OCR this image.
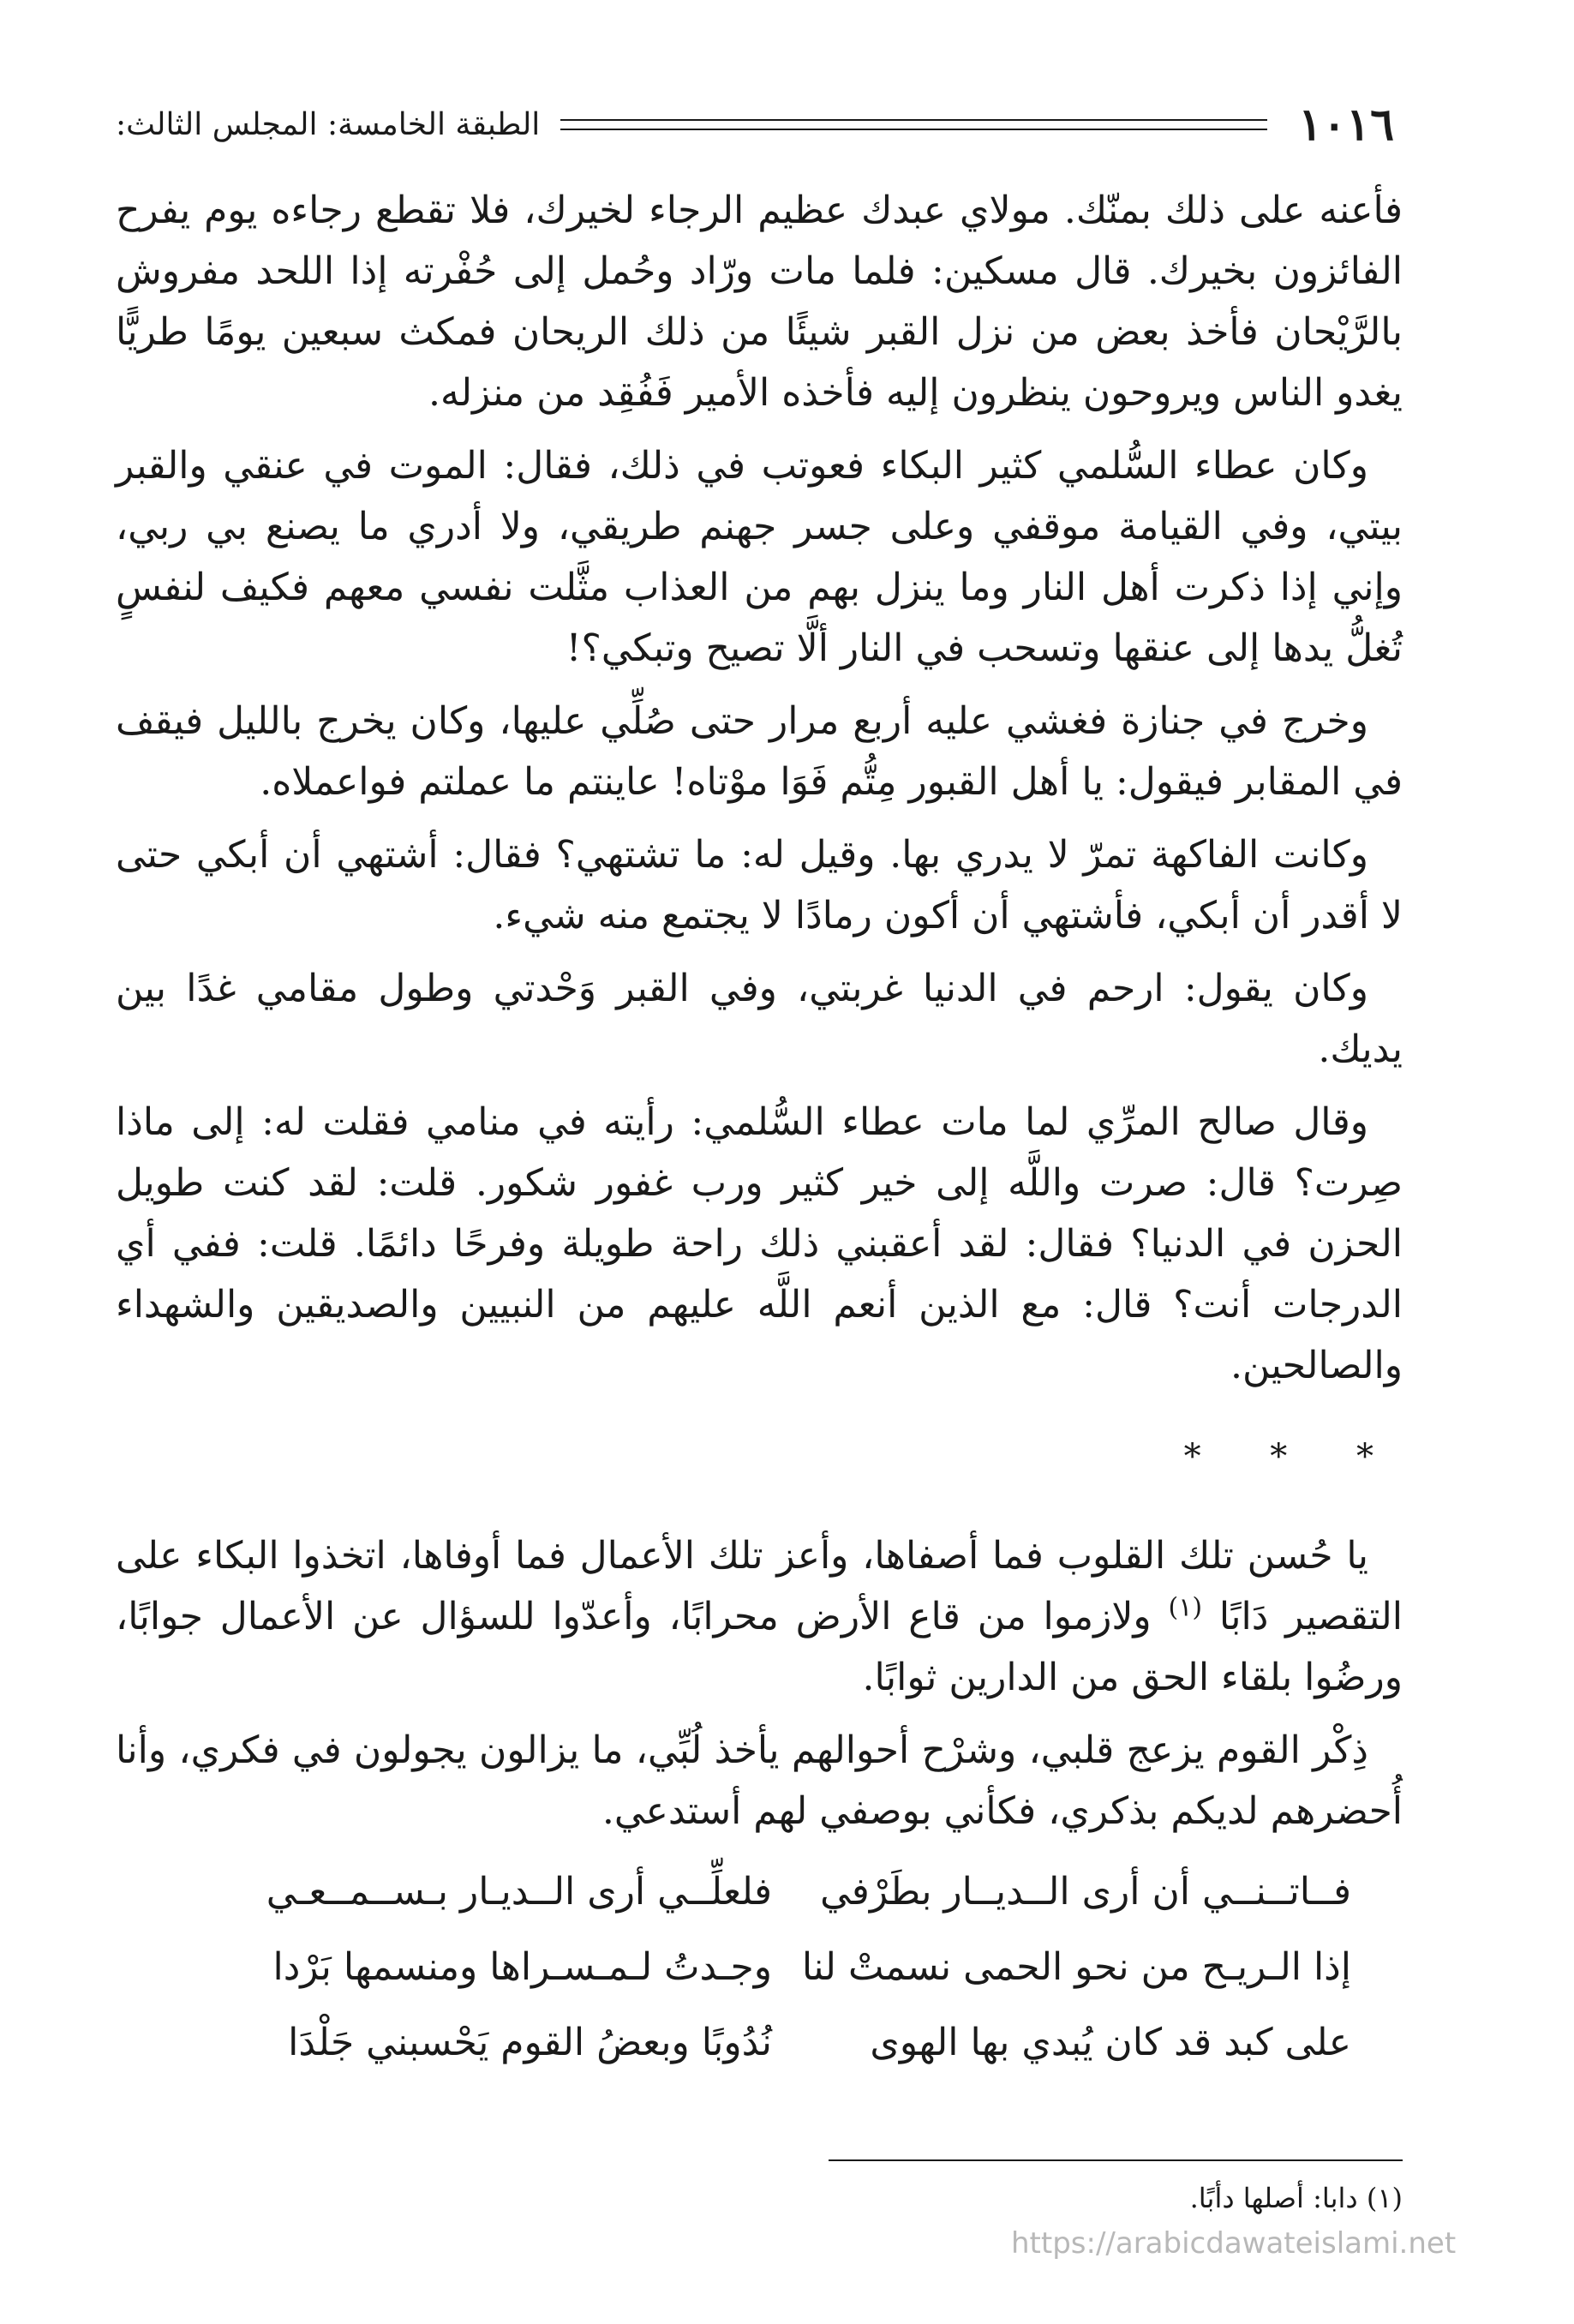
١٠١٦
الطبقة الخامسة: المجلس الثالث:

فأعنه على ذلك بمنّك. مولاي عبدك عظيم الرجاء لخيرك، فلا تقطع رجاءه يوم يفرح الفائزون بخيرك. قال مسكين: فلما مات ورّاد وحُمل إلى حُفْرته إذا اللحد مفروش بالرَّيْحان فأخذ بعض من نزل القبر شيئًا من ذلك الريحان فمكث سبعين يومًا طريًّا يغدو الناس ويروحون ينظرون إليه فأخذه الأمير فَفُقِد من منزله.

وكان عطاء السُّلمي كثير البكاء فعوتب في ذلك، فقال: الموت في عنقي والقبر بيتي، وفي القيامة موقفي وعلى جسر جهنم طريقي، ولا أدري ما يصنع بي ربي، وإني إذا ذكرت أهل النار وما ينزل بهم من العذاب مثَّلت نفسي معهم فكيف لنفسٍ تُغلُّ يدها إلى عنقها وتسحب في النار ألَّا تصيح وتبكي؟!

وخرج في جنازة فغشي عليه أربع مرار حتى صُلِّي عليها، وكان يخرج بالليل فيقف في المقابر فيقول: يا أهل القبور مِتُّم فَوَا موْتاه! عاينتم ما عملتم فواعملاه.

وكانت الفاكهة تمرّ لا يدري بها. وقيل له: ما تشتهي؟ فقال: أشتهي أن أبكي حتى لا أقدر أن أبكي، فأشتهي أن أكون رمادًا لا يجتمع منه شيء.

وكان يقول: ارحم في الدنيا غربتي، وفي القبر وَحْدتي وطول مقامي غدًا بين يديك.

وقال صالح المرِّي لما مات عطاء السُّلمي: رأيته في منامي فقلت له: إلى ماذا صِرت؟ قال: صرت واللَّه إلى خير كثير ورب غفور شكور. قلت: لقد كنت طويل الحزن في الدنيا؟ فقال: لقد أعقبني ذلك راحة طويلة وفرحًا دائمًا. قلت: ففي أي الدرجات أنت؟ قال: مع الذين أنعم اللَّه عليهم من النبيين والصديقين والشهداء والصالحين.

* * *

يا حُسن تلك القلوب فما أصفاها، وأعز تلك الأعمال فما أوفاها، اتخذوا البكاء على التقصير دَابًا $^{(١)}$ ولازموا من قاع الأرض محرابًا، وأعدّوا للسؤال عن الأعمال جوابًا، ورضُوا بلقاء الحق من الدارين ثوابًا.

ذِكْر القوم يزعج قلبي، وشرْح أحوالهم يأخذ لُبِّي، ما يزالون يجولون في فكري، وأنا أُحضرهم لديكم بذكري، فكأني بوصفي لهم أستدعي.

فــاتــنــي أن أرى الــديــار بطَرْفي
فلعلِّــي أرى الــديـار بـســمــعـي
إذا الـريـح من نحو الحمى نسمتْ لنا
وجـدتُ لـمـسـراها ومنسمها بَرْدا
على كبد قد كان يُبدي بها الهوى
نُدُوبًا وبعضُ القوم يَحْسبني جَلْدَا
(١) دابا: أصلها دأبًا.
https://arabicdawateislami.net
